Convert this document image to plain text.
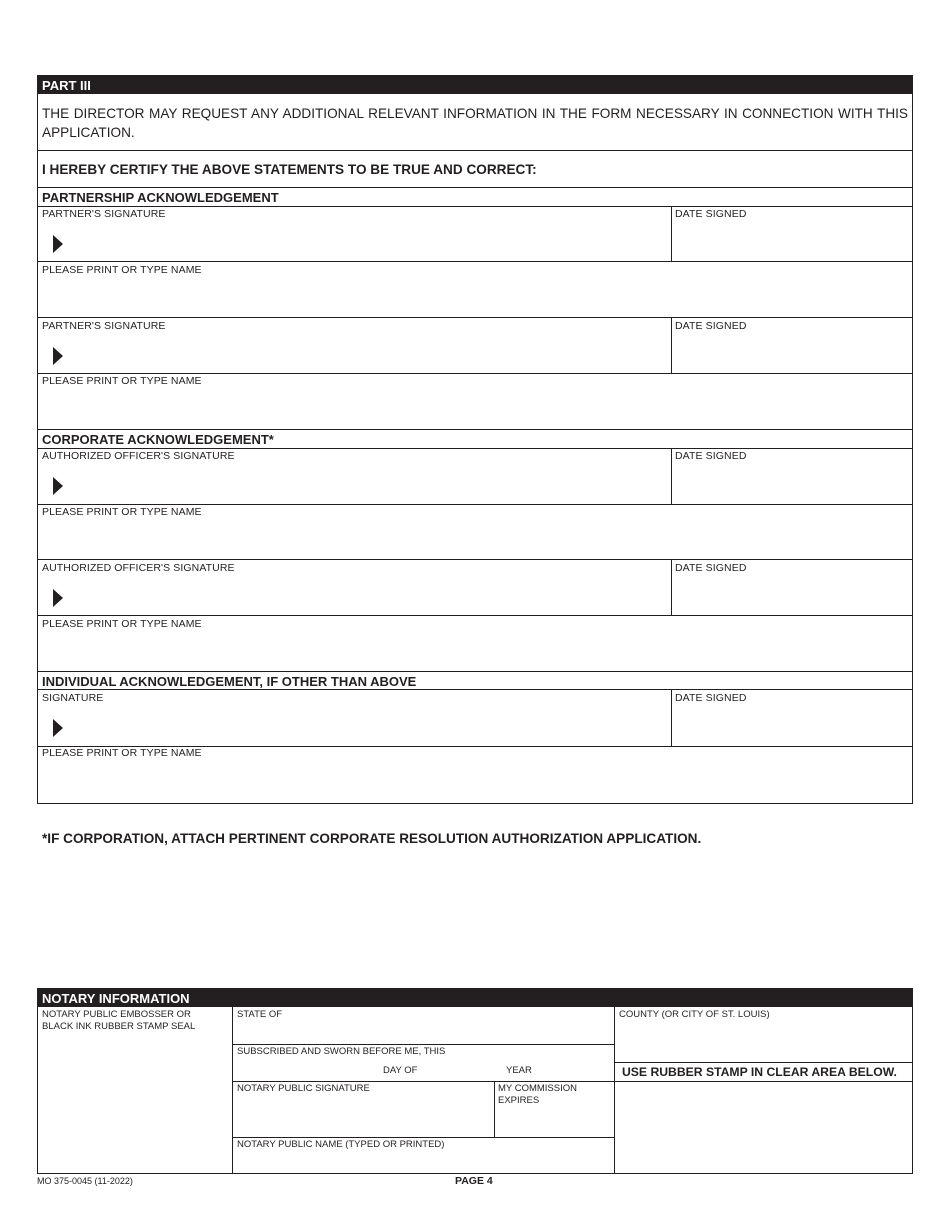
PART III
THE DIRECTOR MAY REQUEST ANY ADDITIONAL RELEVANT INFORMATION IN THE FORM NECESSARY IN CONNECTION WITH THIS APPLICATION.
I HEREBY CERTIFY THE ABOVE STATEMENTS TO BE TRUE AND CORRECT:
PARTNERSHIP ACKNOWLEDGEMENT
PARTNER'S SIGNATURE	DATE SIGNED
PLEASE PRINT OR TYPE NAME
PARTNER'S SIGNATURE	DATE SIGNED
PLEASE PRINT OR TYPE NAME
CORPORATE ACKNOWLEDGEMENT*
AUTHORIZED OFFICER'S SIGNATURE	DATE SIGNED
PLEASE PRINT OR TYPE NAME
AUTHORIZED OFFICER'S SIGNATURE	DATE SIGNED
PLEASE PRINT OR TYPE NAME
INDIVIDUAL ACKNOWLEDGEMENT, IF OTHER THAN ABOVE
SIGNATURE	DATE SIGNED
PLEASE PRINT OR TYPE NAME
*IF CORPORATION, ATTACH PERTINENT CORPORATE RESOLUTION AUTHORIZATION APPLICATION.
NOTARY INFORMATION
NOTARY PUBLIC EMBOSSER OR BLACK INK RUBBER STAMP SEAL
STATE OF
SUBSCRIBED AND SWORN BEFORE ME, THIS
DAY OF	YEAR
NOTARY PUBLIC SIGNATURE	MY COMMISSION EXPIRES
NOTARY PUBLIC NAME (TYPED OR PRINTED)
COUNTY (OR CITY OF ST. LOUIS)
USE RUBBER STAMP IN CLEAR AREA BELOW.
MO 375-0045 (11-2022)	PAGE 4
